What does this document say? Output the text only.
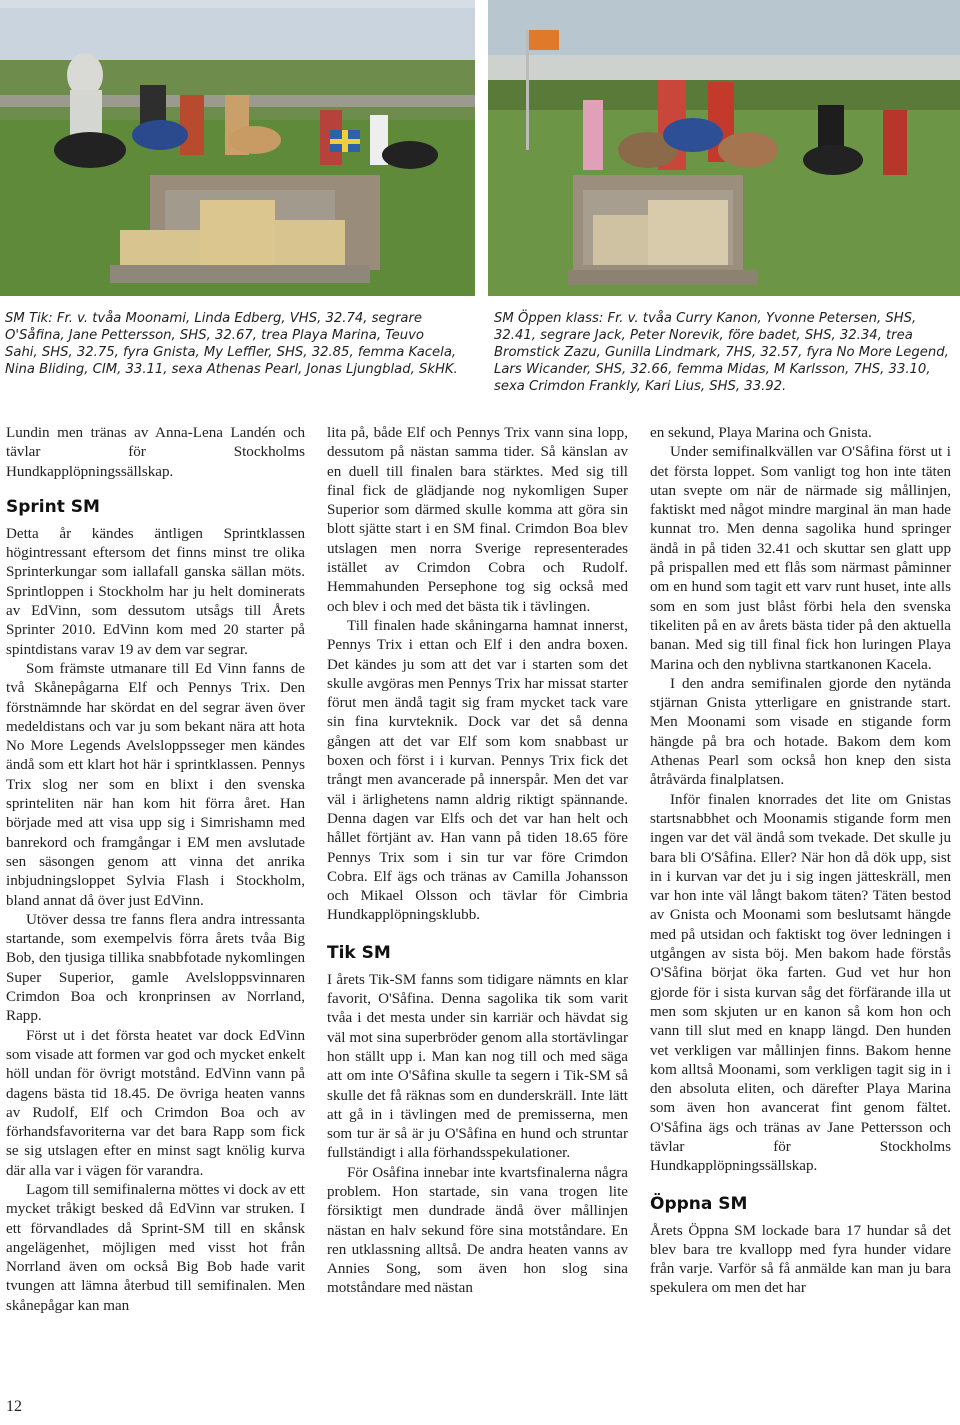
SM Tik: Fr. v. tvåa Moonami, Linda Edberg, VHS, 32.74, segrare O'Såfina, Jane Pettersson, SHS, 32.67, trea Playa Marina, Teuvo Sahi, SHS, 32.75, fyra Gnista, My Leffler, SHS, 32.85, femma Kacela, Nina Bliding, CIM, 33.11, sexa Athenas Pearl, Jonas Ljungblad, SkHK.
SM Öppen klass: Fr. v. tvåa Curry Kanon, Yvonne Petersen, SHS, 32.41, segrare Jack, Peter Norevik, före badet, SHS, 32.34, trea Bromstick Zazu, Gunilla Lindmark, 7HS, 32.57, fyra No More Legend, Lars Wicander, SHS, 32.66, femma Midas, M Karlsson, 7HS, 33.10, sexa Crimdon Frankly, Kari Lius, SHS, 33.92.

Lundin men tränas av Anna-Lena Landén och tävlar för Stockholms Hundkapplöpningssällskap.

Sprint SM

Detta år kändes äntligen Sprintklassen högintressant eftersom det finns minst tre olika Sprinterkungar som iallafall ganska sällan möts. Sprintloppen i Stockholm har ju helt dominerats av EdVinn, som dessutom utsågs till Årets Sprinter 2010. EdVinn kom med 20 starter på spintdistans varav 19 av dem var segrar.

Som främste utmanare till Ed Vinn fanns de två Skånepågarna Elf och Pennys Trix. Den förstnämnde har skördat en del segrar även över medeldistans och var ju som bekant nära att hota No More Legends Avelsloppsseger men kändes ändå som ett klart hot här i sprintklassen. Pennys Trix slog ner som en blixt i den svenska sprinteliten när han kom hit förra året. Han började med att visa upp sig i Simrishamn med banrekord och framgångar i EM men avslutade sen säsongen genom att vinna det anrika inbjudningsloppet Sylvia Flash i Stockholm, bland annat då över just EdVinn.

Utöver dessa tre fanns flera andra intressanta startande, som exempelvis förra årets tvåa Big Bob, den tjusiga tillika snabbfotade nykomlingen Super Superior, gamle Avelsloppsvinnaren Crimdon Boa och kronprinsen av Norrland, Rapp.

Först ut i det första heatet var dock EdVinn som visade att formen var god och mycket enkelt höll undan för övrigt motstånd. EdVinn vann på dagens bästa tid 18.45. De övriga heaten vanns av Rudolf, Elf och Crimdon Boa och av förhandsfavoriterna var det bara Rapp som fick se sig utslagen efter en minst sagt knölig kurva där alla var i vägen för varandra.

Lagom till semifinalerna möttes vi dock av ett mycket tråkigt besked då EdVinn var struken. I ett förvandlades då Sprint-SM till en skånsk angelägenhet, möjligen med visst hot från Norrland även om också Big Bob hade varit tvungen att lämna återbud till semifinalen. Men skånepågar kan man

lita på, både Elf och Pennys Trix vann sina lopp, dessutom på nästan samma tider. Så känslan av en duell till finalen bara stärktes. Med sig till final fick de glädjande nog nykomligen Super Superior som därmed skulle komma att göra sin blott sjätte start i en SM final. Crimdon Boa blev utslagen men norra Sverige representerades istället av Crimdon Cobra och Rudolf. Hemmahunden Persephone tog sig också med och blev i och med det bästa tik i tävlingen.

Till finalen hade skåningarna hamnat innerst, Pennys Trix i ettan och Elf i den andra boxen. Det kändes ju som att det var i starten som det skulle avgöras men Pennys Trix har missat starter förut men ändå tagit sig fram mycket tack vare sin fina kurvteknik. Dock var det så denna gången att det var Elf som kom snabbast ur boxen och först i i kurvan. Pennys Trix fick det trångt men avancerade på innerspår. Men det var väl i ärlighetens namn aldrig riktigt spännande. Denna dagen var Elfs och det var han helt och hållet förtjänt av. Han vann på tiden 18.65 före Pennys Trix som i sin tur var före Crimdon Cobra. Elf ägs och tränas av Camilla Johansson och Mikael Olsson och tävlar för Cimbria Hundkapplöpningsklubb.

Tik SM

I årets Tik-SM fanns som tidigare nämnts en klar favorit, O'Såfina. Denna sagolika tik som varit tvåa i det mesta under sin karriär och hävdat sig väl mot sina superbröder genom alla stortävlingar hon ställt upp i. Man kan nog till och med säga att om inte O'Såfina skulle ta segern i Tik-SM så skulle det få räknas som en dunderskräll. Inte lätt att gå in i tävlingen med de premisserna, men som tur är så är ju O'Såfina en hund och struntar fullständigt i alla förhandsspekulationer.

För Osåfina innebar inte kvartsfinalerna några problem. Hon startade, sin vana trogen lite försiktigt men dundrade ändå över mållinjen nästan en halv sekund före sina motståndare. En ren utklassning alltså. De andra heaten vanns av Annies Song, som även hon slog sina motståndare med nästan

en sekund, Playa Marina och Gnista.

Under semifinalkvällen var O'Såfina först ut i det första loppet. Som vanligt tog hon inte täten utan svepte om när de närmade sig mållinjen, faktiskt med något mindre marginal än man hade kunnat tro. Men denna sagolika hund springer ändå in på tiden 32.41 och skuttar sen glatt upp på prispallen med ett flås som närmast påminner om en hund som tagit ett varv runt huset, inte alls som en som just blåst förbi hela den svenska tikeliten på en av årets bästa tider på den aktuella banan. Med sig till final fick hon luringen Playa Marina och den nyblivna startkanonen Kacela.

I den andra semifinalen gjorde den nytända stjärnan Gnista ytterligare en gnistrande start. Men Moonami som visade en stigande form hängde på bra och hotade. Bakom dem kom Athenas Pearl som också hon knep den sista åtråvärda finalplatsen.

Inför finalen knorrades det lite om Gnistas startsnabbhet och Moonamis stigande form men ingen var det väl ändå som tvekade. Det skulle ju bara bli O'Såfina. Eller? När hon då dök upp, sist in i kurvan var det ju i sig ingen jätteskräll, men var hon inte väl långt bakom täten? Täten bestod av Gnista och Moonami som beslutsamt hängde med på utsidan och faktiskt tog över ledningen i utgången av sista böj. Men bakom hade förstås O'Såfina börjat öka farten. Gud vet hur hon gjorde för i sista kurvan såg det förfärande illa ut men som skjuten ur en kanon så kom hon och vann till slut med en knapp längd. Den hunden vet verkligen var mållinjen finns. Bakom henne kom alltså Moonami, som verkligen tagit sig in i den absoluta eliten, och därefter Playa Marina som även hon avancerat fint genom fältet. O'Såfina ägs och tränas av Jane Pettersson och tävlar för Stockholms Hundkapplöpningssällskap.

Öppna SM

Årets Öppna SM lockade bara 17 hundar så det blev bara tre kvallopp med fyra hunder vidare från varje. Varför så få anmälde kan man ju bara spekulera om men det har

12
